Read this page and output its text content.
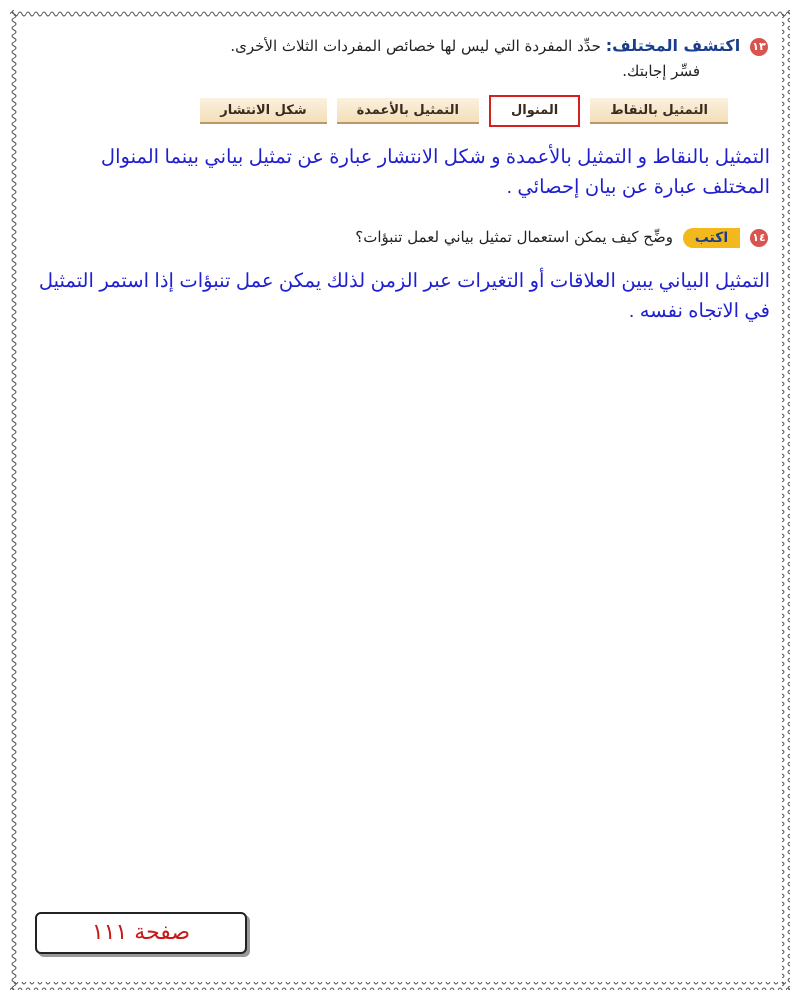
١٣ اكتشف المختلف: حدِّد المفردة التي ليس لها خصائص المفردات الثلاث الأخرى.
فسِّر إجابتك.
التمثيل بالنقاط
المنوال
التمثيل بالأعمدة
شكل الانتشار
التمثيل بالنقاط و التمثيل بالأعمدة و شكل الانتشار عبارة عن تمثيل بياني بينما المنوال المختلف عبارة عن بيان إحصائي .
١٤ اكتب وضِّح كيف يمكن استعمال تمثيل بياني لعمل تنبؤات؟
التمثيل البياني يبين العلاقات أو التغيرات عبر الزمن لذلك يمكن عمل تنبؤات إذا استمر التمثيل في الاتجاه نفسه .
صفحة ١١١
